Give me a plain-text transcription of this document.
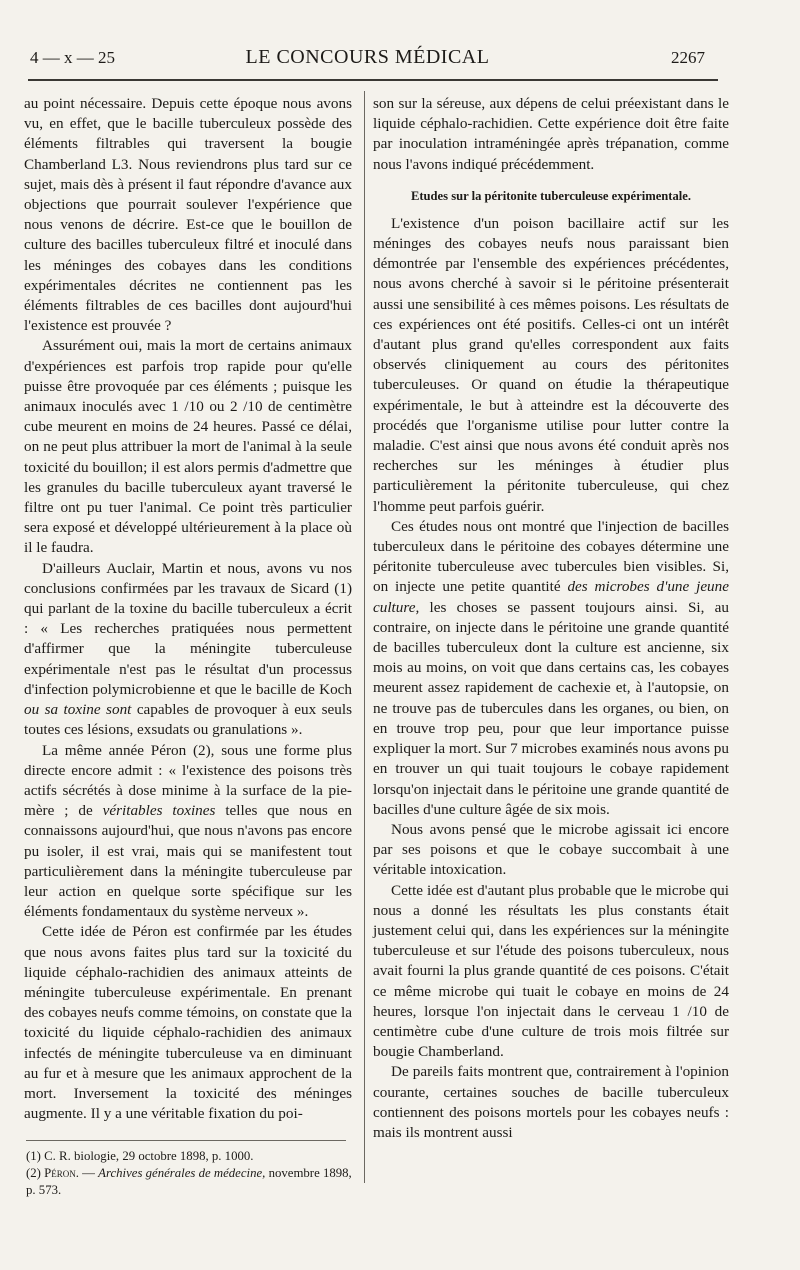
4 — x — 25	LE CONCOURS MÉDICAL	2267

au point nécessaire. Depuis cette époque nous avons vu, en effet, que le bacille tuberculeux possède des éléments filtrables qui traversent la bougie Chamberland L3. Nous reviendrons plus tard sur ce sujet, mais dès à présent il faut répondre d'avance aux objections que pourrait soulever l'expérience que nous venons de décrire. Est-ce que le bouillon de culture des bacilles tuberculeux filtré et inoculé dans les méninges des cobayes dans les conditions expérimentales décrites ne contiennent pas les éléments filtrables de ces bacilles dont aujourd'hui l'existence est prouvée ?

Assurément oui, mais la mort de certains animaux d'expériences est parfois trop rapide pour qu'elle puisse être provoquée par ces éléments ; puisque les animaux inoculés avec 1 /10 ou 2 /10 de centimètre cube meurent en moins de 24 heures. Passé ce délai, on ne peut plus attribuer la mort de l'animal à la seule toxicité du bouillon; il est alors permis d'admettre que les granules du bacille tuberculeux ayant traversé le filtre ont pu tuer l'animal. Ce point très particulier sera exposé et développé ultérieurement à la place où il le faudra.

D'ailleurs Auclair, Martin et nous, avons vu nos conclusions confirmées par les travaux de Sicard (1) qui parlant de la toxine du bacille tuberculeux a écrit : « Les recherches pratiquées nous permettent d'affirmer que la méningite tuberculeuse expérimentale n'est pas le résultat d'un processus d'infection polymicrobienne et que le bacille de Koch ou sa toxine sont capables de provoquer à eux seuls toutes ces lésions, exsudats ou granulations ».

La même année Péron (2), sous une forme plus directe encore admit : « l'existence des poisons très actifs sécrétés à dose minime à la surface de la pie-mère ; de véritables toxines telles que nous en connaissons aujourd'hui, que nous n'avons pas encore pu isoler, il est vrai, mais qui se manifestent tout particulièrement dans la méningite tuberculeuse par leur action en quelque sorte spécifique sur les éléments fondamentaux du système nerveux ».

Cette idée de Péron est confirmée par les études que nous avons faites plus tard sur la toxicité du liquide céphalo-rachidien des animaux atteints de méningite tuberculeuse expérimentale. En prenant des cobayes neufs comme témoins, on constate que la toxicité du liquide céphalo-rachidien des animaux infectés de méningite tuberculeuse va en diminuant au fur et à mesure que les animaux approchent de la mort. Inversement la toxicité des méninges augmente. Il y a une véritable fixation du poi-

son sur la séreuse, aux dépens de celui préexistant dans le liquide céphalo-rachidien. Cette expérience doit être faite par inoculation intraméningée après trépanation, comme nous l'avons indiqué précédemment.

Etudes sur la péritonite tuberculeuse expérimentale.

L'existence d'un poison bacillaire actif sur les méninges des cobayes neufs nous paraissant bien démontrée par l'ensemble des expériences précédentes, nous avons cherché à savoir si le péritoine présenterait aussi une sensibilité à ces mêmes poisons. Les résultats de ces expériences ont été positifs. Celles-ci ont un intérêt d'autant plus grand qu'elles correspondent aux faits observés cliniquement au cours des péritonites tuberculeuses. Or quand on étudie la thérapeutique expérimentale, le but à atteindre est la découverte des procédés que l'organisme utilise pour lutter contre la maladie. C'est ainsi que nous avons été conduit après nos recherches sur les méninges à étudier plus particulièrement la péritonite tuberculeuse, qui chez l'homme peut parfois guérir.

Ces études nous ont montré que l'injection de bacilles tuberculeux dans le péritoine des cobayes détermine une péritonite tuberculeuse avec tubercules bien visibles. Si, on injecte une petite quantité des microbes d'une jeune culture, les choses se passent toujours ainsi. Si, au contraire, on injecte dans le péritoine une grande quantité de bacilles tuberculeux dont la culture est ancienne, six mois au moins, on voit que dans certains cas, les cobayes meurent assez rapidement de cachexie et, à l'autopsie, on ne trouve pas de tubercules dans les organes, ou bien, on en trouve trop peu, pour que leur importance puisse expliquer la mort. Sur 7 microbes examinés nous avons pu en trouver un qui tuait toujours le cobaye rapidement lorsqu'on injectait dans le péritoine une grande quantité de bacilles d'une culture âgée de six mois.

Nous avons pensé que le microbe agissait ici encore par ses poisons et que le cobaye succombait à une véritable intoxication.

Cette idée est d'autant plus probable que le microbe qui nous a donné les résultats les plus constants était justement celui qui, dans les expériences sur la méningite tuberculeuse et sur l'étude des poisons tuberculeux, nous avait fourni la plus grande quantité de ces poisons. C'était ce même microbe qui tuait le cobaye en moins de 24 heures, lorsque l'on injectait dans le cerveau 1 /10 de centimètre cube d'une culture de trois mois filtrée sur bougie Chamberland.

De pareils faits montrent que, contrairement à l'opinion courante, certaines souches de bacille tuberculeux contiennent des poisons mortels pour les cobayes neufs : mais ils montrent aussi

(1) C. R. biologie, 29 octobre 1898, p. 1000.

(2) Péron. — Archives générales de médecine, novembre 1898, p. 573.
